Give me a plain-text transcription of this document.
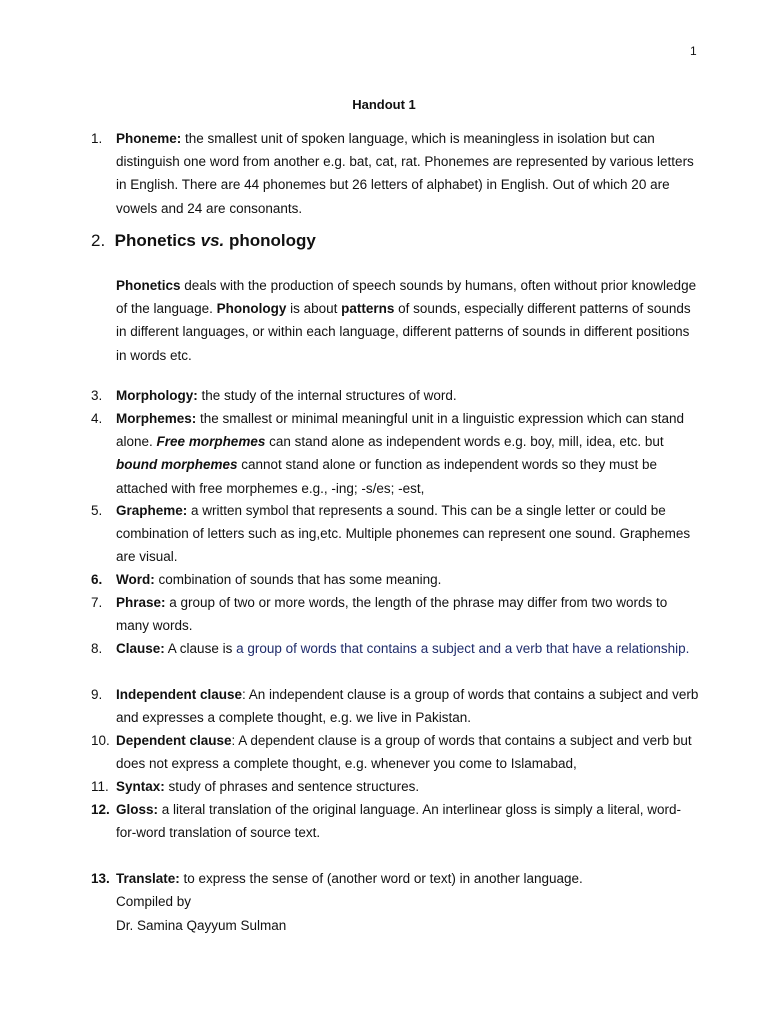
1
Handout 1
1. Phoneme: the smallest unit of spoken language, which is meaningless in isolation but can distinguish one word from another e.g. bat, cat, rat. Phonemes are represented by various letters in English. There are 44 phonemes but 26 letters of alphabet) in English. Out of which 20 are vowels and 24 are consonants.
2. Phonetics vs. phonology
Phonetics deals with the production of speech sounds by humans, often without prior knowledge of the language. Phonology is about patterns of sounds, especially different patterns of sounds in different languages, or within each language, different patterns of sounds in different positions in words etc.
3. Morphology: the study of the internal structures of word.
4. Morphemes: the smallest or minimal meaningful unit in a linguistic expression which can stand alone. Free morphemes can stand alone as independent words e.g. boy, mill, idea, etc. but bound morphemes cannot stand alone or function as independent words so they must be attached with free morphemes e.g., -ing; -s/es; -est,
5. Grapheme: a written symbol that represents a sound. This can be a single letter or could be combination of letters such as ing,etc. Multiple phonemes can represent one sound. Graphemes are visual.
6. Word: combination of sounds that has some meaning.
7. Phrase: a group of two or more words, the length of the phrase may differ from two words to many words.
8. Clause: A clause is a group of words that contains a subject and a verb that have a relationship.
9. Independent clause: An independent clause is a group of words that contains a subject and verb and expresses a complete thought, e.g. we live in Pakistan.
10. Dependent clause: A dependent clause is a group of words that contains a subject and verb but does not express a complete thought, e.g. whenever you come to Islamabad,
11. Syntax: study of phrases and sentence structures.
12. Gloss: a literal translation of the original language. An interlinear gloss is simply a literal, word-for-word translation of source text.
13. Translate: to express the sense of (another word or text) in another language.
Compiled by
Dr. Samina Qayyum Sulman
